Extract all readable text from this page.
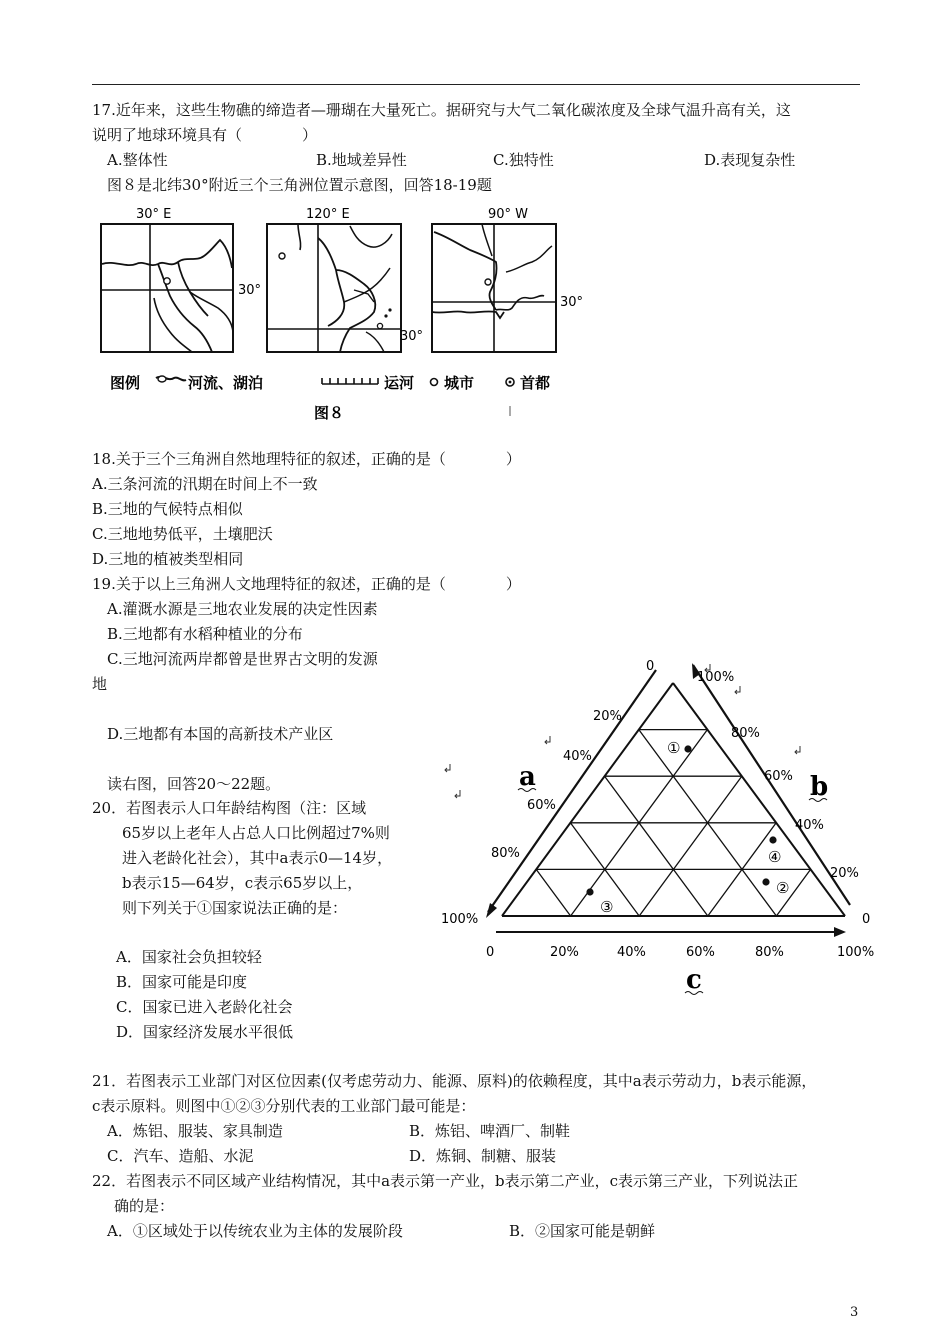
17.近年来，这些生物礁的缔造者—珊瑚在大量死亡。据研究与大气二氧化碳浓度及全球气温升高有关，这
说明了地球环境具有（　　　　）
A.整体性	B.地域差异性	C.独特性	D.表现复杂性
图８是北纬30°附近三个三角洲位置示意图，回答18-19题
30° E
30°
120° E
30°
90° W
30°
图例	河流、湖泊	运河 城市	首都
图８
18.关于三个三角洲自然地理特征的叙述，正确的是（　　　　）
A.三条河流的汛期在时间上不一致
B.三地的气候特点相似
C.三地地势低平，土壤肥沃
D.三地的植被类型相同
19.关于以上三角洲人文地理特征的叙述，正确的是（　　　　）
A.灌溉水源是三地农业发展的决定性因素
B.三地都有水稻种植业的分布
C.三地河流两岸都曾是世界古文明的发源
地
D.三地都有本国的高新技术产业区
读右图，回答20～22题。
20．若图表示人口年龄结构图（注：区域
65岁以上老年人占总人口比例超过7%则
进入老龄化社会），其中a表示0—14岁，
b表示15—64岁，c表示65岁以上，
则下列关于①国家说法正确的是：
A．国家社会负担较轻
B．国家可能是印度
C．国家已进入老龄化社会
D．国家经济发展水平很低
0
20%
40%
60%
80%
100%
100%
80%
60%
40%
20%
0
0	20%	40%	60%	80%	100%
a	b
c
①
②
③
④
21．若图表示工业部门对区位因素(仅考虑劳动力、能源、原料)的依赖程度，其中a表示劳动力，b表示能源，
c表示原料。则图中①②③分别代表的工业部门最可能是：
A．炼铝、服装、家具制造	B．炼铝、啤酒厂、制鞋
C．汽车、造船、水泥	D．炼铜、制糖、服装
22．若图表示不同区域产业结构情况，其中a表示第一产业，b表示第二产业，c表示第三产业，下列说法正
确的是：
A．①区域处于以传统农业为主体的发展阶段	B．②国家可能是朝鲜
3
